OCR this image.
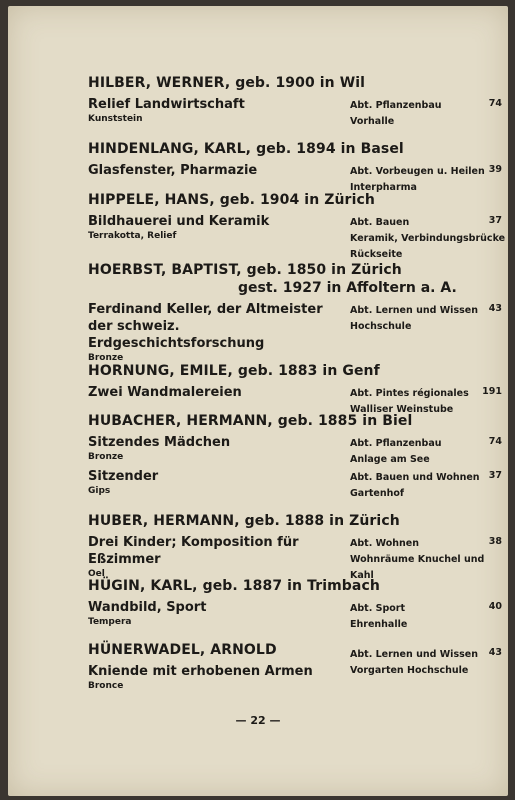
HILBER, WERNER, geb. 1900 in Wil
Relief Landwirtschaft
Kunststein
Abt. Pflanzenbau
Vorhalle
74
HINDENLANG, KARL, geb. 1894 in Basel
Glasfenster, Pharmazie	Abt. Vorbeugen u. Heilen
Interpharma
39
HIPPELE, HANS, geb. 1904 in Zürich
Bildhauerei und Keramik
Terrakotta, Relief
Abt. Bauen
Keramik, Verbindungsbrücke
Rückseite
37
HOERBST, BAPTIST, geb. 1850 in Zürich
gest. 1927 in Affoltern a. A.
Ferdinand Keller, der Altmeister der schweiz. Erdgeschichtsforschung
Bronze
Abt. Lernen und Wissen
Hochschule
43
HORNUNG, EMILE, geb. 1883 in Genf
Zwei Wandmalereien	Abt. Pintes régionales
Walliser Weinstube
191
HUBACHER, HERMANN, geb. 1885 in Biel
Sitzendes Mädchen
Bronze
Abt. Pflanzenbau
Anlage am See
74
Sitzender
Gips
Abt. Bauen und Wohnen
Gartenhof
37
HUBER, HERMANN, geb. 1888 in Zürich
Drei Kinder; Komposition für Eßzimmer
Oel
Abt. Wohnen
Wohnräume Knuchel und Kahl
38
HÜGIN, KARL, geb. 1887 in Trimbach
Wandbild, Sport
Tempera
Abt. Sport
Ehrenhalle
40
HÜNERWADEL, ARNOLD
Kniende mit erhobenen Armen
Bronce
Abt. Lernen und Wissen
Vorgarten Hochschule
43
— 22 —
